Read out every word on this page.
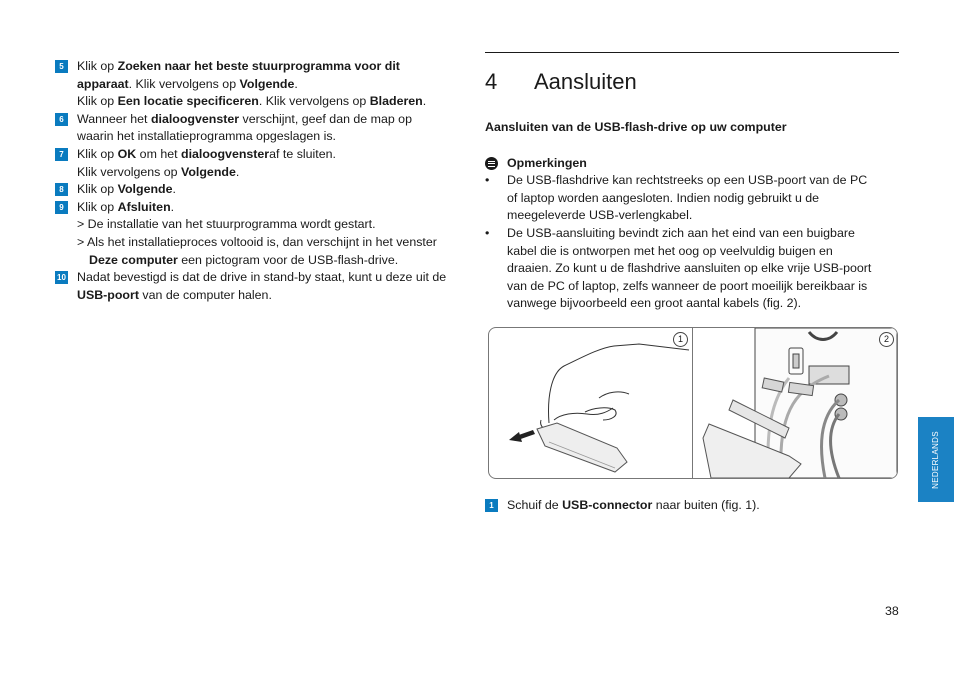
5	Klik op Zoeken naar het beste stuurprogramma voor dit
apparaat. Klik vervolgens op Volgende.
Klik op Een locatie specificeren. Klik vervolgens op Bladeren.
6	Wanneer het dialoogvenster verschijnt, geef dan de map op
waarin het installatieprogramma opgeslagen is.
7	Klik op OK om het dialoogvensteraf te sluiten.
Klik vervolgens op Volgende.
8	Klik op Volgende.
9	Klik op Afsluiten.
> De installatie van het stuurprogramma wordt gestart.
> Als het installatieproces voltooid is, dan verschijnt in het venster
Deze computer een pictogram voor de USB-flash-drive.
10 Nadat bevestigd is dat de drive in stand-by staat, kunt u deze uit de
USB-poort van de computer halen.
4 Aansluiten
Aansluiten van de USB-flash-drive op uw computer
Opmerkingen
• De USB-flashdrive kan rechtstreeks op een USB-poort van de PC
of laptop worden aangesloten. Indien nodig gebruikt u de
meegeleverde USB-verlengkabel.
• De USB-aansluiting bevindt zich aan het eind van een buigbare
kabel die is ontworpen met het oog op veelvuldig buigen en
draaien. Zo kunt u de flashdrive aansluiten op elke vrije USB-poort
van de PC of laptop, zelfs wanneer de poort moeilijk bereikbaar is
vanwege bijvoorbeeld een groot aantal kabels (fig. 2).
1	2
1	Schuif de USB-connector naar buiten (fig. 1).
NEDERLANDS
38
